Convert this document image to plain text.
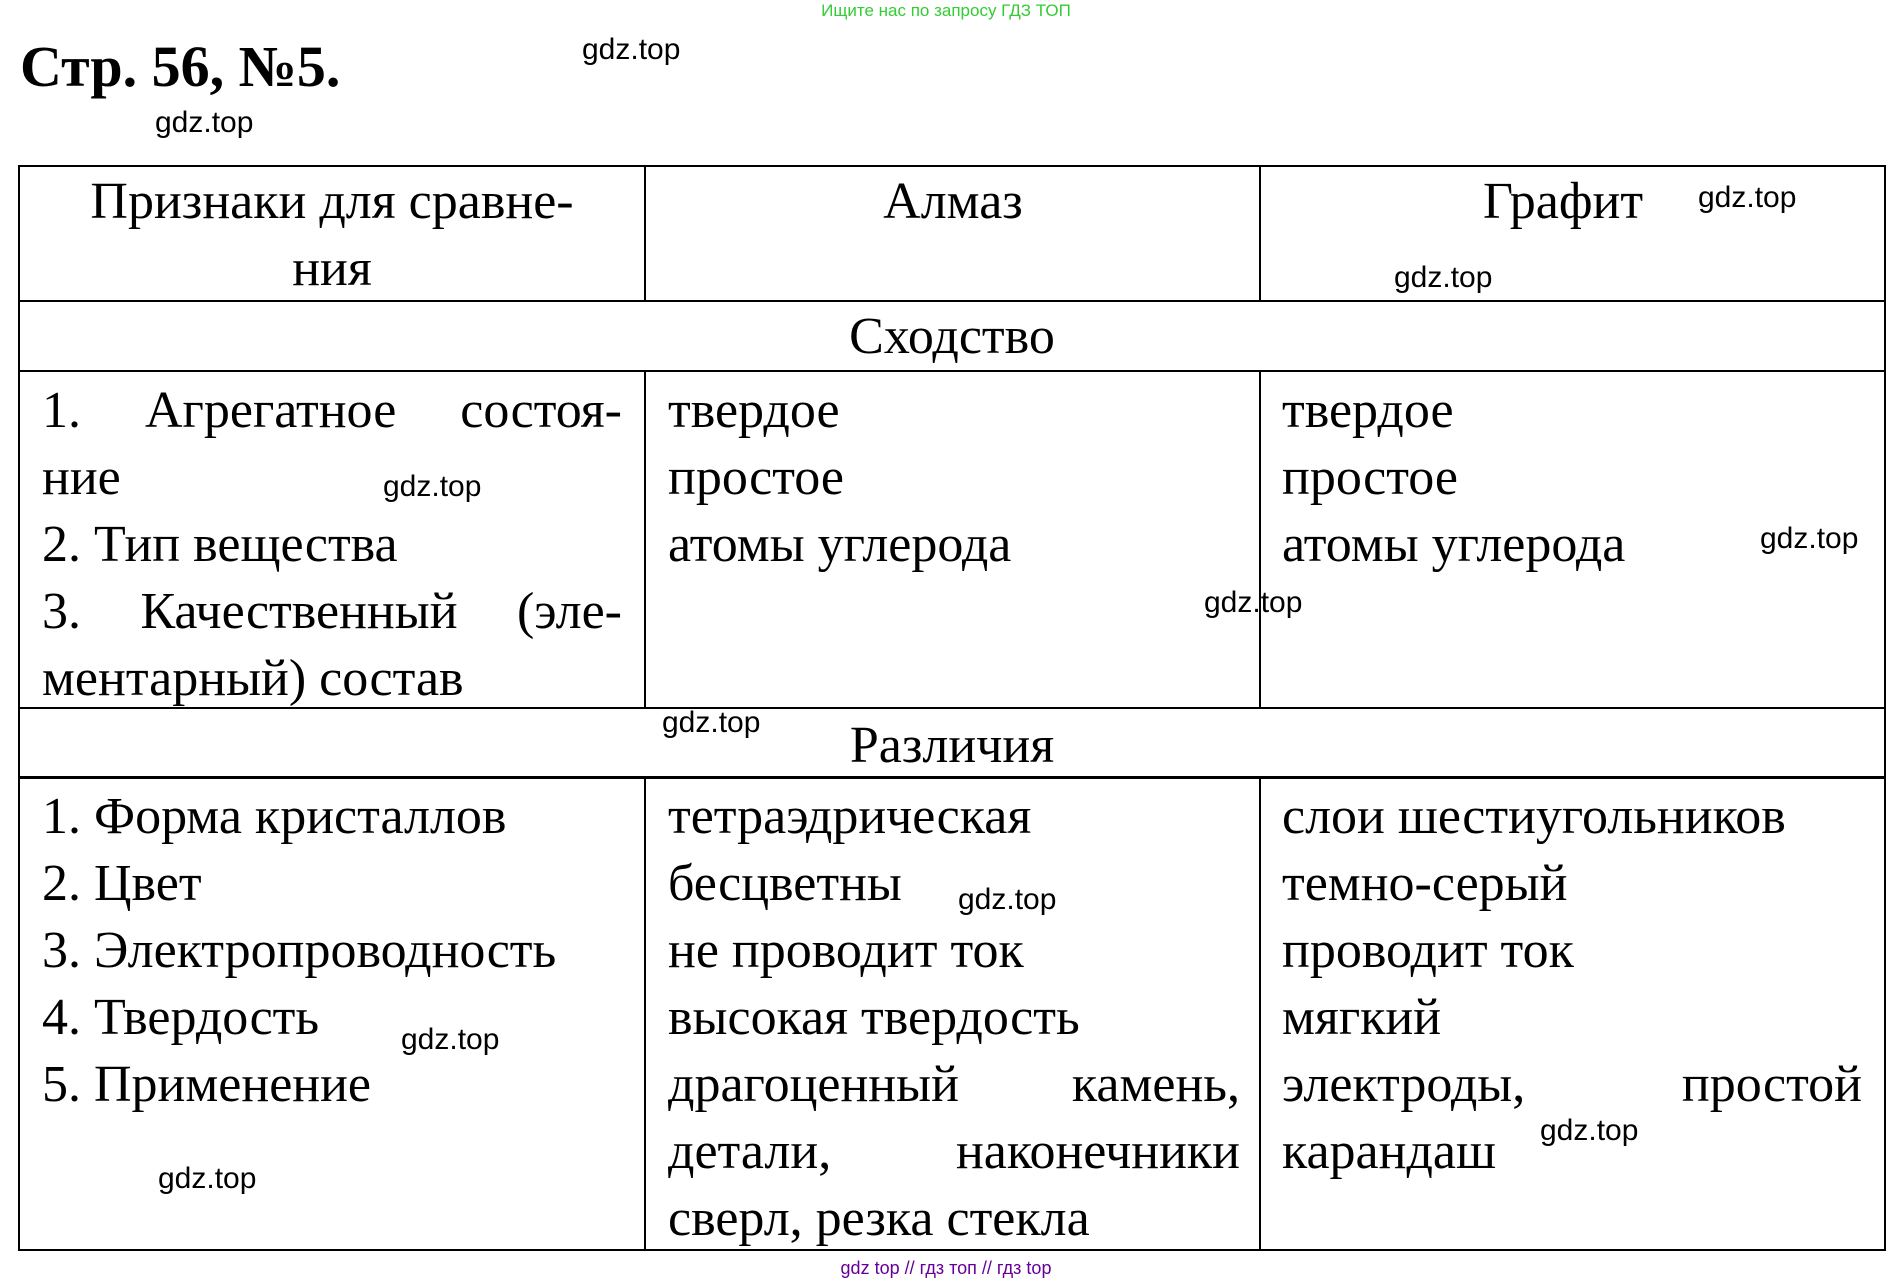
Ищите нас по запросу ГДЗ ТОП
Стр. 56, №5.
Признаки для сравне-
ния
Алмаз	Графит
Сходство
1. Агрегатное состоя-
ние
2. Тип вещества
3. Качественный (эле-
ментарный) состав
твердое
простое
атомы углерода
твердое
простое
атомы углерода
Различия
1. Форма кристаллов
2. Цвет
3. Электропроводность
4. Твердость
5. Применение
тетраэдрическая
бесцветны
не проводит ток
высокая твердость
драгоценный камень,
детали, наконечники
сверл, резка стекла
слои шестиугольников
темно-серый
проводит ток
мягкий
электроды, простой
карандаш
gdz.top
gdz.top
gdz.top
gdz.top
gdz.top
gdz.top
gdz.top
gdz.top
gdz.top
gdz.top
gdz.top
gdz.top
gdz top // гдз топ // гдз top
